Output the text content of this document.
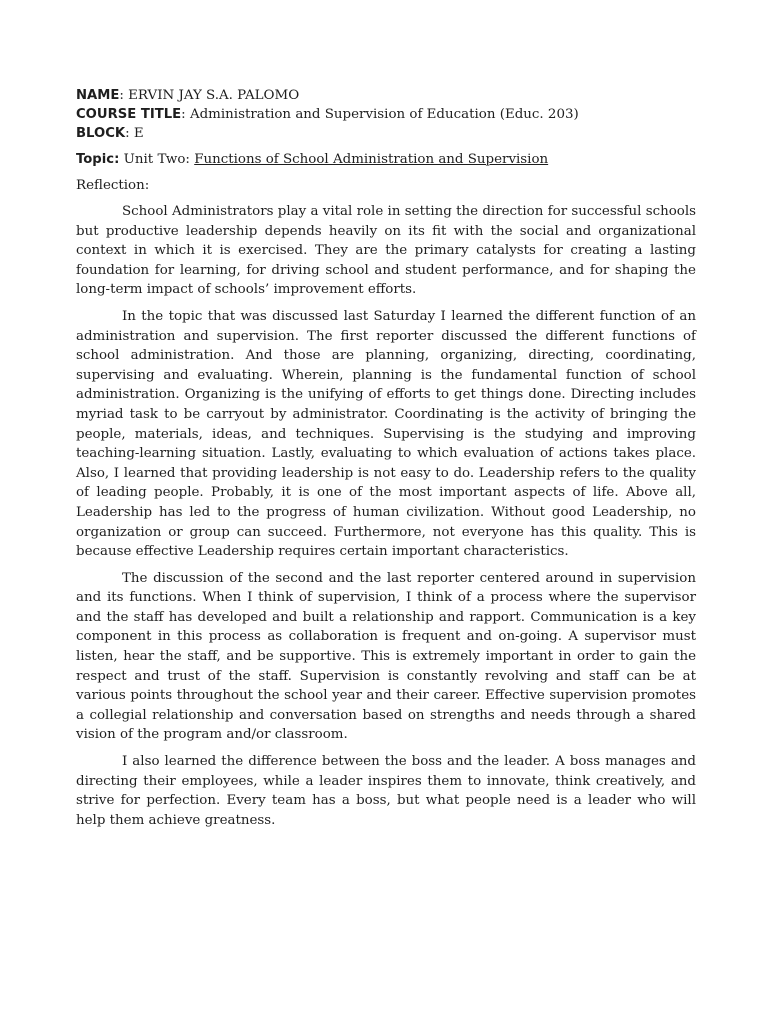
NAME: ERVIN JAY S.A. PALOMO
COURSE TITLE: Administration and Supervision of Education (Educ. 203)
BLOCK: E
Topic: Unit Two: Functions of School Administration and Supervision
Reflection:

School Administrators play a vital role in setting the direction for successful schools but productive leadership depends heavily on its fit with the social and organizational context in which it is exercised. They are the primary catalysts for creating a lasting foundation for learning, for driving school and student performance, and for shaping the long-term impact of schools’ improvement efforts.

In the topic that was discussed last Saturday I learned the different function of an administration and supervision. The first reporter discussed the different functions of school administration. And those are planning, organizing, directing, coordinating, supervising and evaluating. Wherein, planning is the fundamental function of school administration. Organizing is the unifying of efforts to get things done. Directing includes myriad task to be carryout by administrator. Coordinating is the activity of bringing the people, materials, ideas, and techniques. Supervising is the studying and improving teaching-learning situation. Lastly, evaluating to which evaluation of actions takes place. Also, I learned that providing leadership is not easy to do. Leadership refers to the quality of leading people. Probably, it is one of the most important aspects of life. Above all, Leadership has led to the progress of human civilization. Without good Leadership, no organization or group can succeed. Furthermore, not everyone has this quality. This is because effective Leadership requires certain important characteristics.

The discussion of the second and the last reporter centered around in supervision and its functions. When I think of supervision, I think of a process where the supervisor and the staff has developed and built a relationship and rapport. Communication is a key component in this process as collaboration is frequent and on-going. A supervisor must listen, hear the staff, and be supportive. This is extremely important in order to gain the respect and trust of the staff. Supervision is constantly revolving and staff can be at various points throughout the school year and their career. Effective supervision promotes a collegial relationship and conversation based on strengths and needs through a shared vision of the program and/or classroom.

I also learned the difference between the boss and the leader. A boss manages and directing their employees, while a leader inspires them to innovate, think creatively, and strive for perfection. Every team has a boss, but what people need is a leader who will help them achieve greatness.
